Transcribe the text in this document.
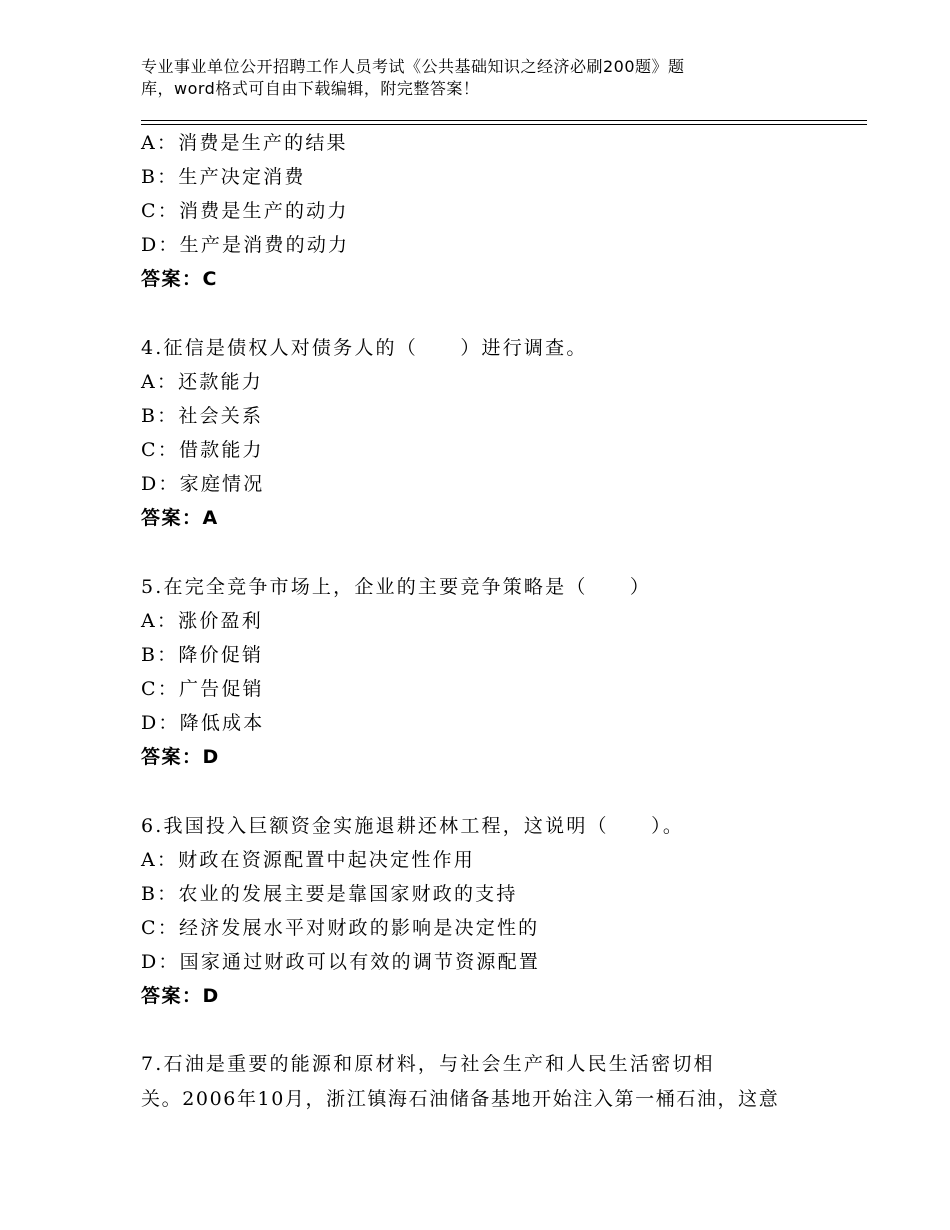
专业事业单位公开招聘工作人员考试《公共基础知识之经济必刷200题》题
库，word格式可自由下载编辑，附完整答案！
A：消费是生产的结果
B：生产决定消费
C：消费是生产的动力
D：生产是消费的动力
答案：C
4.征信是债权人对债务人的（　　）进行调查。
A：还款能力
B：社会关系
C：借款能力
D：家庭情况
答案：A
5.在完全竞争市场上，企业的主要竞争策略是（　　）
A：涨价盈利
B：降价促销
C：广告促销
D：降低成本
答案：D
6.我国投入巨额资金实施退耕还林工程，这说明（　　）。
A：财政在资源配置中起决定性作用
B：农业的发展主要是靠国家财政的支持
C：经济发展水平对财政的影响是决定性的
D：国家通过财政可以有效的调节资源配置
答案：D
7.石油是重要的能源和原材料，与社会生产和人民生活密切相
关。2006年10月，浙江镇海石油储备基地开始注入第一桶石油，这意
